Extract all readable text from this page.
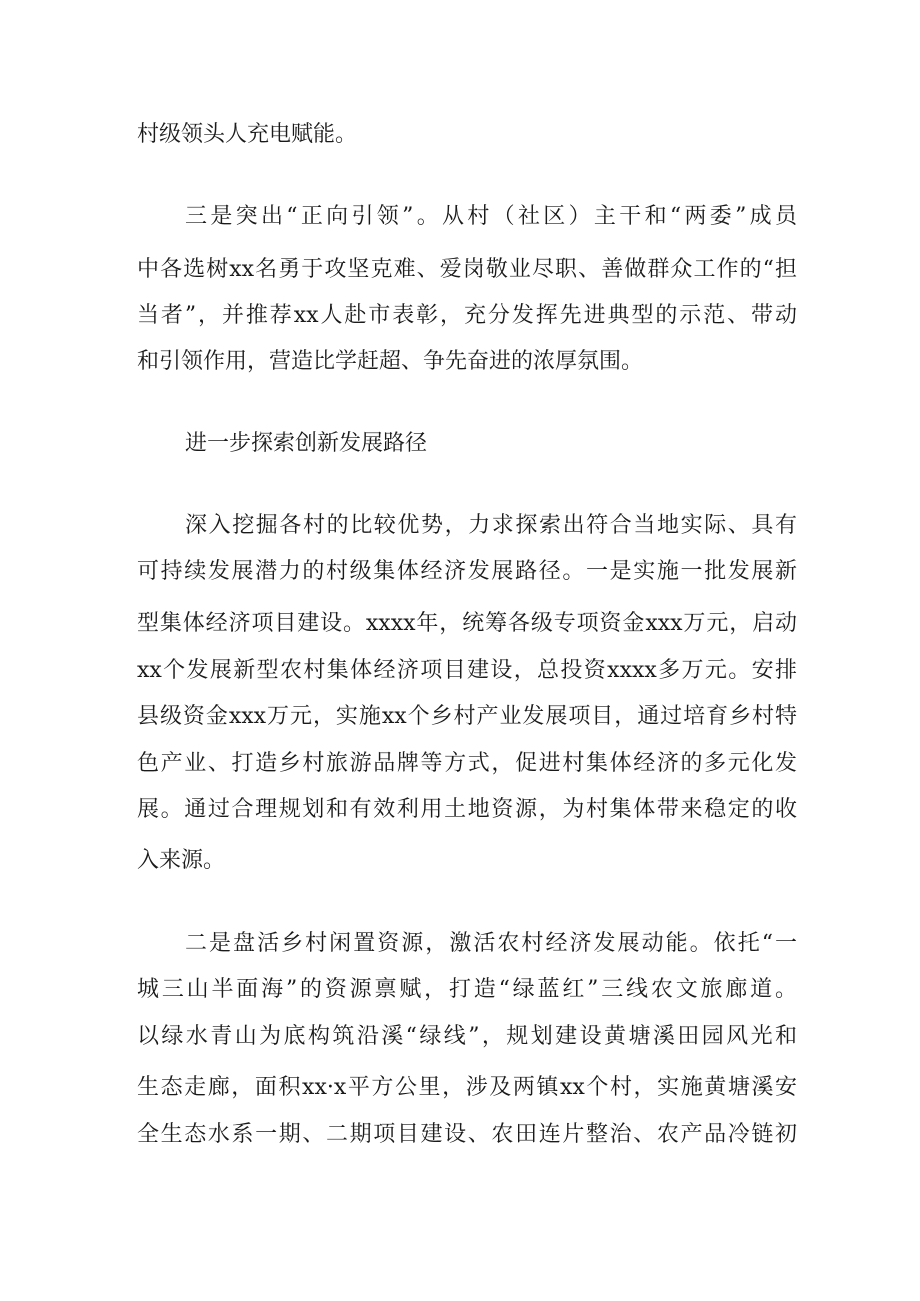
村级领头人充电赋能。

三是突出“正向引领”。从村（社区）主干和“两委”成员

中各选树xx名勇于攻坚克难、爱岗敬业尽职、善做群众工作的“担

当者”，并推荐xx人赴市表彰，充分发挥先进典型的示范、带动

和引领作用，营造比学赶超、争先奋进的浓厚氛围。

进一步探索创新发展路径

深入挖掘各村的比较优势，力求探索出符合当地实际、具有

可持续发展潜力的村级集体经济发展路径。一是实施一批发展新

型集体经济项目建设。xxxx年，统筹各级专项资金xxx万元，启动

xx个发展新型农村集体经济项目建设，总投资xxxx多万元。安排

县级资金xxx万元，实施xx个乡村产业发展项目，通过培育乡村特

色产业、打造乡村旅游品牌等方式，促进村集体经济的多元化发

展。通过合理规划和有效利用土地资源，为村集体带来稳定的收

入来源。

二是盘活乡村闲置资源，激活农村经济发展动能。依托“一

城三山半面海”的资源禀赋，打造“绿蓝红”三线农文旅廊道。

以绿水青山为底构筑沿溪“绿线”，规划建设黄塘溪田园风光和

生态走廊，面积xx·x平方公里，涉及两镇xx个村，实施黄塘溪安

全生态水系一期、二期项目建设、农田连片整治、农产品冷链初
